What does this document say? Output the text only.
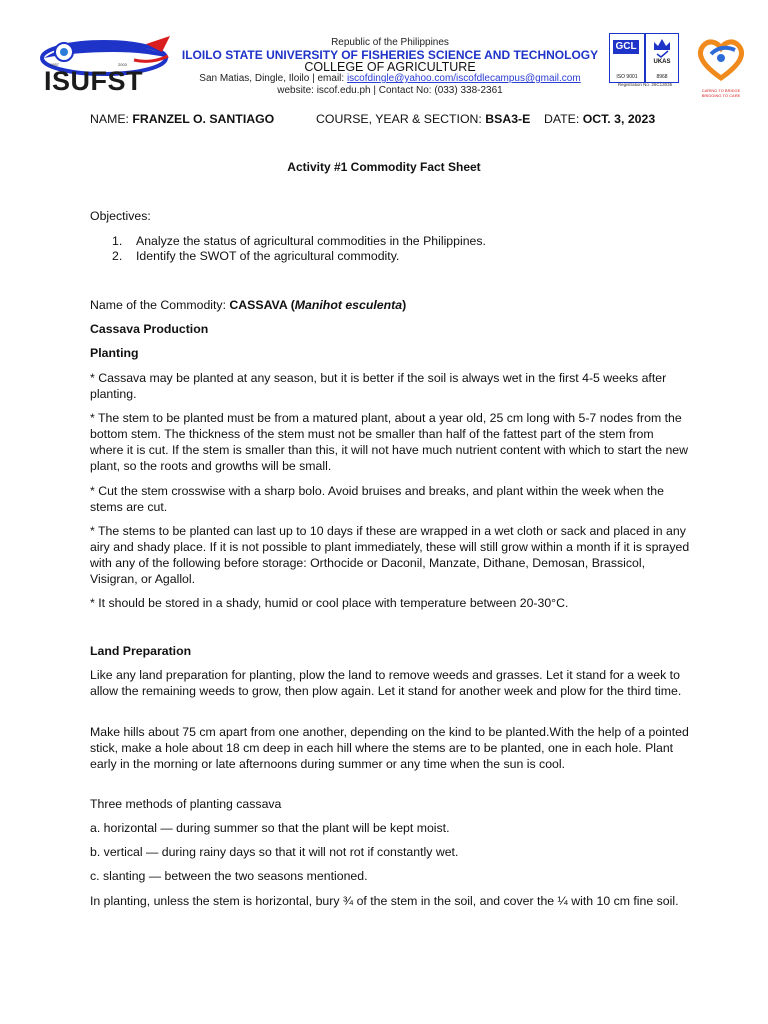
ISUFST
1957	2003
Republic of the Philippines
ILOILO STATE UNIVERSITY OF FISHERIES SCIENCE AND TECHNOLOGY
COLLEGE OF AGRICULTURE
San Matias, Dingle, Iloilo | email: iscofdingle@yahoo.com/iscofdlecampus@gmail.com
website: iscof.edu.ph | Contact No: (033) 338-2361
GCL
ISO 9001
UKAS
8968
Registration No. 26C13035
CARING TO BRIDGE BRIDGING TO CARE
NAME: FRANZEL O. SANTIAGO	COURSE, YEAR & SECTION: BSA3-E DATE: OCT. 3, 2023
Activity #1 Commodity Fact Sheet
Objectives:
1. Analyze the status of agricultural commodities in the Philippines.
2. Identify the SWOT of the agricultural commodity.
Name of the Commodity: CASSAVA (Manihot esculenta)
Cassava Production
Planting
* Cassava may be planted at any season, but it is better if the soil is always wet in the first 4-5 weeks after planting.
* The stem to be planted must be from a matured plant, about a year old, 25 cm long with 5-7 nodes from the bottom stem. The thickness of the stem must not be smaller than half of the fattest part of the stem from where it is cut. If the stem is smaller than this, it will not have much nutrient content with which to start the new plant, so the roots and growths will be small.
* Cut the stem crosswise with a sharp bolo. Avoid bruises and breaks, and plant within the week when the stems are cut.
* The stems to be planted can last up to 10 days if these are wrapped in a wet cloth or sack and placed in any airy and shady place. If it is not possible to plant immediately, these will still grow within a month if it is sprayed with any of the following before storage: Orthocide or Daconil, Manzate, Dithane, Demosan, Brassicol, Visigran, or Agallol.
* It should be stored in a shady, humid or cool place with temperature between 20-30°C.
Land Preparation
Like any land preparation for planting, plow the land to remove weeds and grasses. Let it stand for a week to allow the remaining weeds to grow, then plow again. Let it stand for another week and plow for the third time.
Make hills about 75 cm apart from one another, depending on the kind to be planted.With the help of a pointed stick, make a hole about 18 cm deep in each hill where the stems are to be planted, one in each hole. Plant early in the morning or late afternoons during summer or any time when the sun is cool.
Three methods of planting cassava
a. horizontal — during summer so that the plant will be kept moist.
b. vertical — during rainy days so that it will not rot if constantly wet.
c. slanting — between the two seasons mentioned.
In planting, unless the stem is horizontal, bury ¾ of the stem in the soil, and cover the ¼ with 10 cm fine soil.
